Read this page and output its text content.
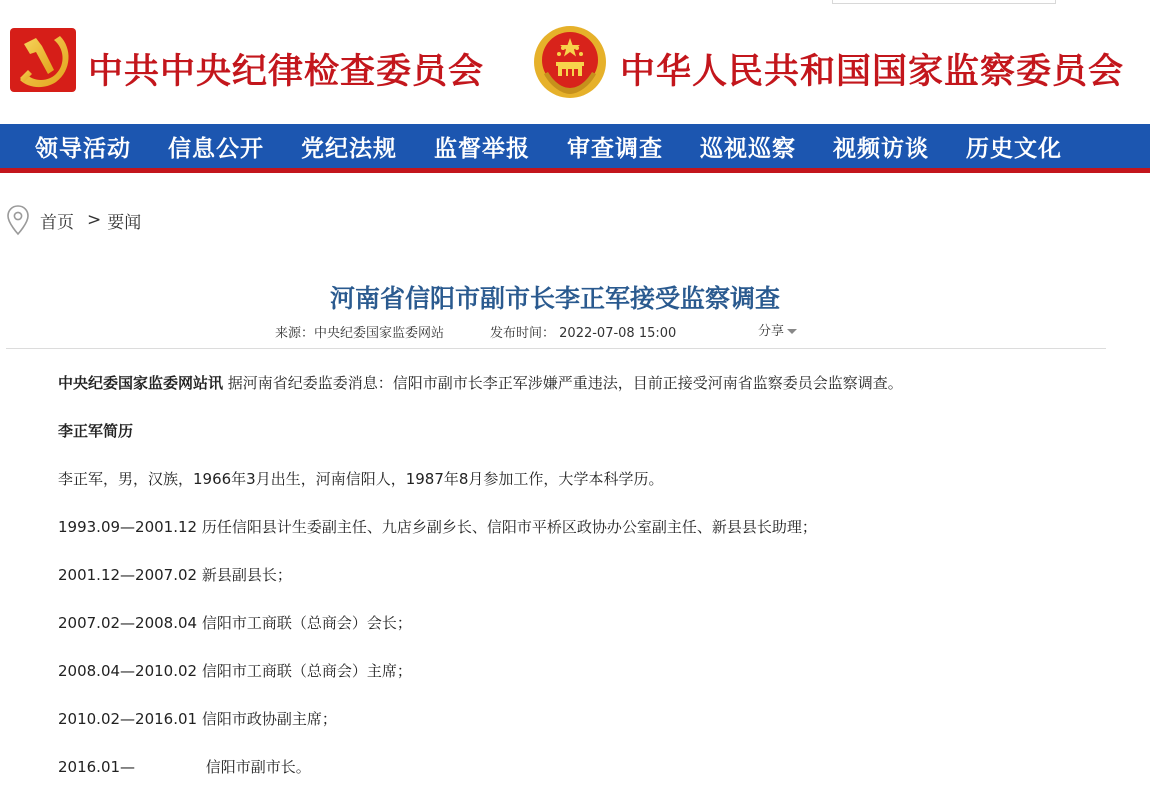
中共中央纪律检查委员会	中华人民共和国国家监察委员会
领导活动 信息公开 党纪法规 监督举报 审查调查 巡视巡察 视频访谈 历史文化
首页 > 要闻
河南省信阳市副市长李正军接受监察调查
来源：中央纪委国家监委网站	发布时间： 2022-07-08 15:00	分享

中央纪委国家监委网站讯 据河南省纪委监委消息：信阳市副市长李正军涉嫌严重违法，目前正接受河南省监察委员会监察调查。

李正军简历

李正军，男，汉族，1966年3月出生，河南信阳人，1987年8月参加工作，大学本科学历。

1993.09—2001.12 历任信阳县计生委副主任、九店乡副乡长、信阳市平桥区政协办公室副主任、新县县长助理；

2001.12—2007.02 新县副县长；

2007.02—2008.04 信阳市工商联（总商会）会长；

2008.04—2010.02 信阳市工商联（总商会）主席；

2010.02—2016.01 信阳市政协副主席；

2016.01—	信阳市副市长。
